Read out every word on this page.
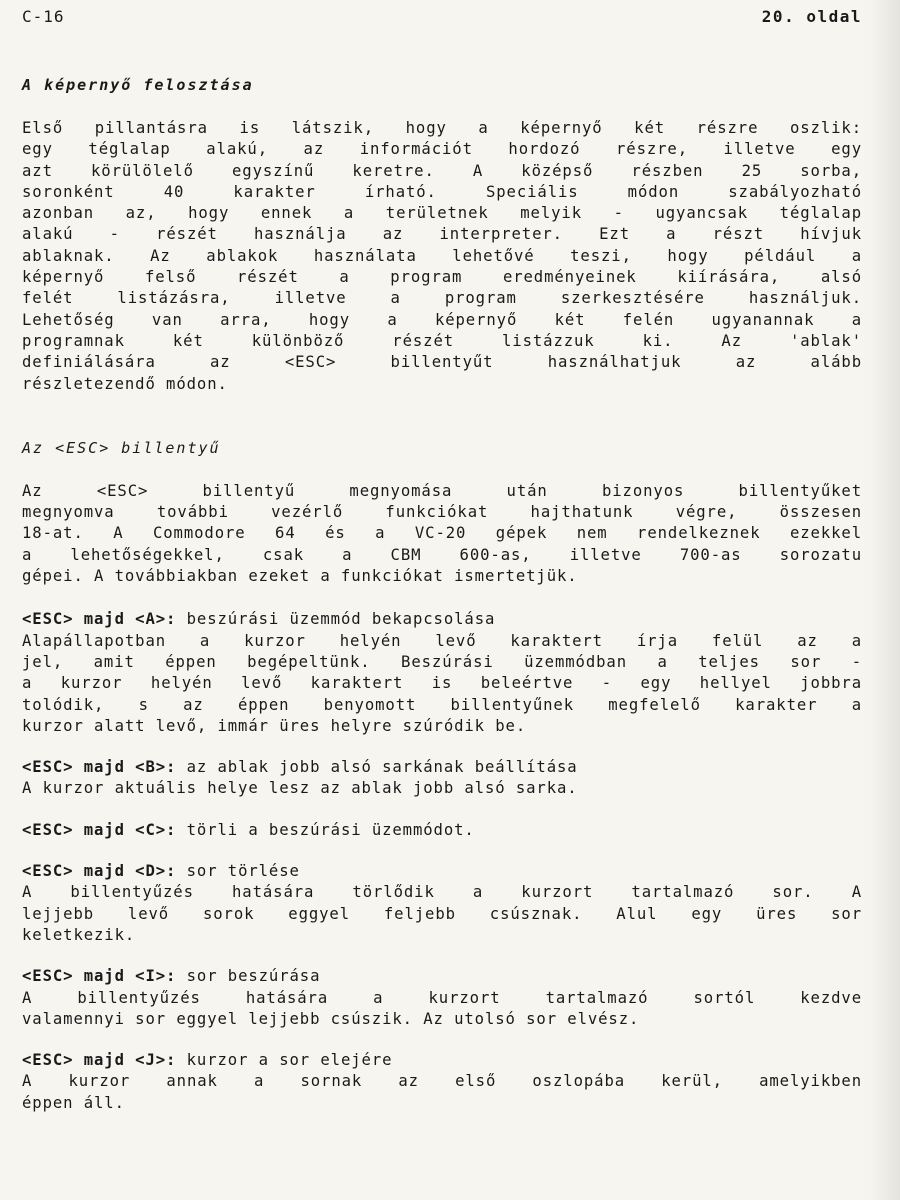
C-16	20. oldal
A képernyő felosztása
Első pillantásra is látszik, hogy a képernyő két részre oszlik:
egy téglalap alakú, az információt hordozó részre, illetve egy
azt körülölelő egyszínű keretre. A középső részben 25 sorba,
soronként 40 karakter írható. Speciális módon szabályozható
azonban az, hogy ennek a területnek melyik - ugyancsak téglalap
alakú - részét használja az interpreter. Ezt a részt hívjuk
ablaknak. Az ablakok használata lehetővé teszi, hogy például a
képernyő felső részét a program eredményeinek kiírására, alsó
felét listázásra, illetve a program szerkesztésére használjuk.
Lehetőség van arra, hogy a képernyő két felén ugyanannak a
programnak két különböző részét listázzuk ki. Az 'ablak'
definiálására az <ESC> billentyűt használhatjuk az alább
részletezendő módon.
Az <ESC> billentyű
Az <ESC> billentyű megnyomása után bizonyos billentyűket
megnyomva további vezérlő funkciókat hajthatunk végre, összesen
18-at. A Commodore 64 és a VC-20 gépek nem rendelkeznek ezekkel
a lehetőségekkel, csak a CBM 600-as, illetve 700-as sorozatu
gépei. A továbbiakban ezeket a funkciókat ismertetjük.
<ESC> majd <A>: beszúrási üzemmód bekapcsolása
Alapállapotban a kurzor helyén levő karaktert írja felül az a
jel, amit éppen begépeltünk. Beszúrási üzemmódban a teljes sor -
a kurzor helyén levő karaktert is beleértve - egy hellyel jobbra
tolódik, s az éppen benyomott billentyűnek megfelelő karakter a
kurzor alatt levő, immár üres helyre szúródik be.
<ESC> majd <B>: az ablak jobb alsó sarkának beállítása
A kurzor aktuális helye lesz az ablak jobb alsó sarka.
<ESC> majd <C>: törli a beszúrási üzemmódot.
<ESC> majd <D>: sor törlése
A billentyűzés hatására törlődik a kurzort tartalmazó sor. A
lejjebb levő sorok eggyel feljebb csúsznak. Alul egy üres sor
keletkezik.
<ESC> majd <I>: sor beszúrása
A billentyűzés hatására a kurzort tartalmazó sortól kezdve
valamennyi sor eggyel lejjebb csúszik. Az utolsó sor elvész.
<ESC> majd <J>: kurzor a sor elejére
A kurzor annak a sornak az első oszlopába kerül, amelyikben
éppen áll.
